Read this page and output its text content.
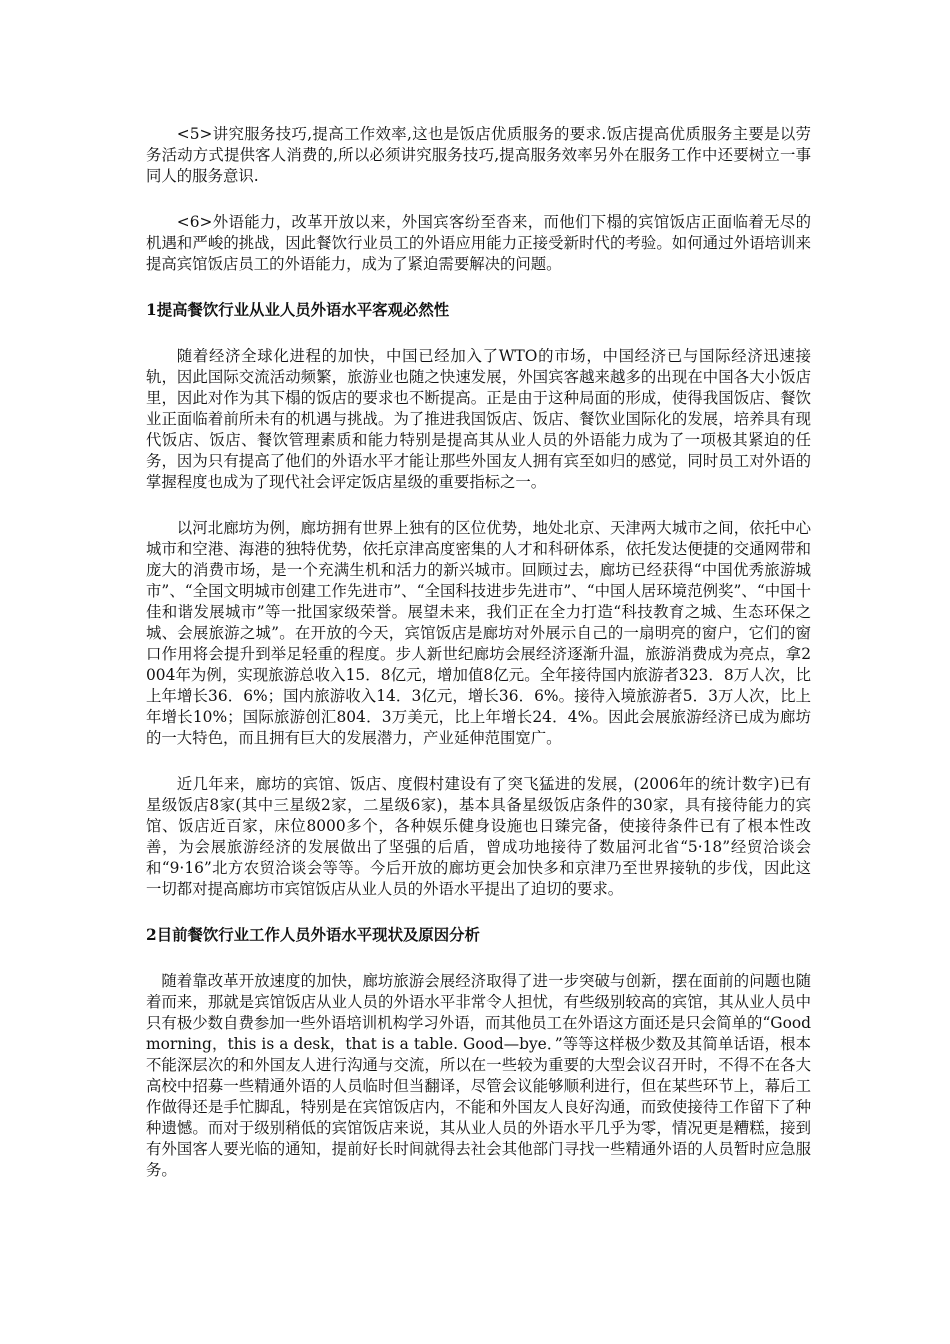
<5>讲究服务技巧,提高工作效率,这也是饭店优质服务的要求.饭店提高优质服务主要是以劳务活动方式提供客人消费的,所以必须讲究服务技巧,提高服务效率另外在服务工作中还要树立一事同人的服务意识.

<6>外语能力，改革开放以来，外国宾客纷至沓来，而他们下榻的宾馆饭店正面临着无尽的机遇和严峻的挑战，因此餐饮行业员工的外语应用能力正接受新时代的考验。如何通过外语培训来提高宾馆饭店员工的外语能力，成为了紧迫需要解决的问题。

1提高餐饮行业从业人员外语水平客观必然性

随着经济全球化进程的加快，中国已经加入了WTO的市场，中国经济已与国际经济迅速接轨，因此国际交流活动频繁，旅游业也随之快速发展，外国宾客越来越多的出现在中国各大小饭店里，因此对作为其下榻的饭店的要求也不断提高。正是由于这种局面的形成，使得我国饭店、餐饮业正面临着前所未有的机遇与挑战。为了推进我国饭店、饭店、餐饮业国际化的发展，培养具有现代饭店、饭店、餐饮管理素质和能力特别是提高其从业人员的外语能力成为了一项极其紧迫的任务，因为只有提高了他们的外语水平才能让那些外国友人拥有宾至如归的感觉，同时员工对外语的掌握程度也成为了现代社会评定饭店星级的重要指标之一。

以河北廊坊为例，廊坊拥有世界上独有的区位优势，地处北京、天津两大城市之间，依托中心城市和空港、海港的独特优势，依托京津高度密集的人才和科研体系，依托发达便捷的交通网带和庞大的消费市场，是一个充满生机和活力的新兴城市。回顾过去，廊坊已经获得“中国优秀旅游城市”、“全国文明城市创建工作先进市”、“全国科技进步先进市”、“中国人居环境范例奖”、“中国十佳和谐发展城市”等一批国家级荣誉。展望未来，我们正在全力打造“科技教育之城、生态环保之城、会展旅游之城”。在开放的今天，宾馆饭店是廊坊对外展示自己的一扇明亮的窗户，它们的窗口作用将会提升到举足轻重的程度。步人新世纪廊坊会展经济逐渐升温，旅游消费成为亮点，拿2004年为例，实现旅游总收入15．8亿元，增加值8亿元。全年接待国内旅游者323．8万人次，比上年增长36．6%；国内旅游收入14．3亿元，增长36．6%。接待入境旅游者5．3万人次，比上年增长10%；国际旅游创汇804．3万美元，比上年增长24．4%。因此会展旅游经济已成为廊坊的一大特色，而且拥有巨大的发展潜力，产业延伸范围宽广。

近几年来，廊坊的宾馆、饭店、度假村建设有了突飞猛进的发展，(2006年的统计数字)已有星级饭店8家(其中三星级2家，二星级6家)，基本具备星级饭店条件的30家，具有接待能力的宾馆、饭店近百家，床位8000多个，各种娱乐健身设施也日臻完备，使接待条件已有了根本性改善，为会展旅游经济的发展做出了坚强的后盾，曾成功地接待了数届河北省“5·18”经贸洽谈会和“9·16”北方农贸洽谈会等等。今后开放的廊坊更会加快多和京津乃至世界接轨的步伐，因此这一切都对提高廊坊市宾馆饭店从业人员的外语水平提出了迫切的要求。

2目前餐饮行业工作人员外语水平现状及原因分析

随着靠改革开放速度的加快，廊坊旅游会展经济取得了进一步突破与创新，摆在面前的问题也随着而来，那就是宾馆饭店从业人员的外语水平非常令人担忧，有些级别较高的宾馆，其从业人员中只有极少数自费参加一些外语培训机构学习外语，而其他员工在外语这方面还是只会简单的“Good morning，this is a desk，that is a table. Good—bye．”等等这样极少数及其简单话语，根本不能深层次的和外国友人进行沟通与交流，所以在一些较为重要的大型会议召开时，不得不在各大高校中招募一些精通外语的人员临时但当翻译，尽管会议能够顺利进行，但在某些环节上，幕后工作做得还是手忙脚乱，特别是在宾馆饭店内，不能和外国友人良好沟通，而致使接待工作留下了种种遗憾。而对于级别稍低的宾馆饭店来说，其从业人员的外语水平几乎为零，情况更是糟糕，接到有外国客人要光临的通知，提前好长时间就得去社会其他部门寻找一些精通外语的人员暂时应急服务。
